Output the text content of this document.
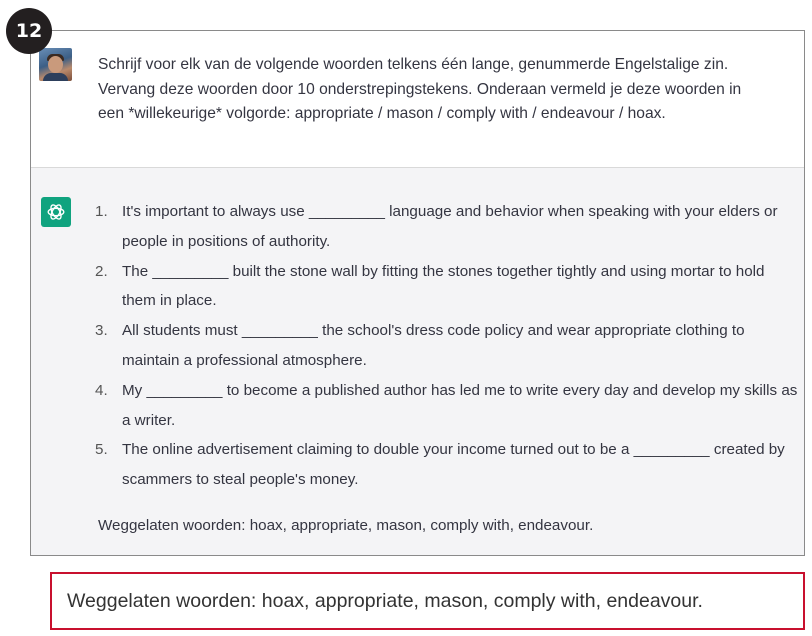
Schrijf voor elk van de volgende woorden telkens één lange, genummerde Engelstalige zin.

Vervang deze woorden door 10 onderstrepingstekens. Onderaan vermeld je deze woorden in

een *willekeurige* volgorde: appropriate / mason / comply with / endeavour / hoax.

1. It's important to always use _________ language and behavior when speaking with your elders or people in positions of authority.
2. The _________ built the stone wall by fitting the stones together tightly and using mortar to hold them in place.
3. All students must _________ the school's dress code policy and wear appropriate clothing to maintain a professional atmosphere.
4. My _________ to become a published author has led me to write every day and develop my skills as a writer.
5. The online advertisement claiming to double your income turned out to be a _________ created by scammers to steal people's money.
Weggelaten woorden: hoax, appropriate, mason, comply with, endeavour.
12
Weggelaten woorden: hoax, appropriate, mason, comply with, endeavour.
